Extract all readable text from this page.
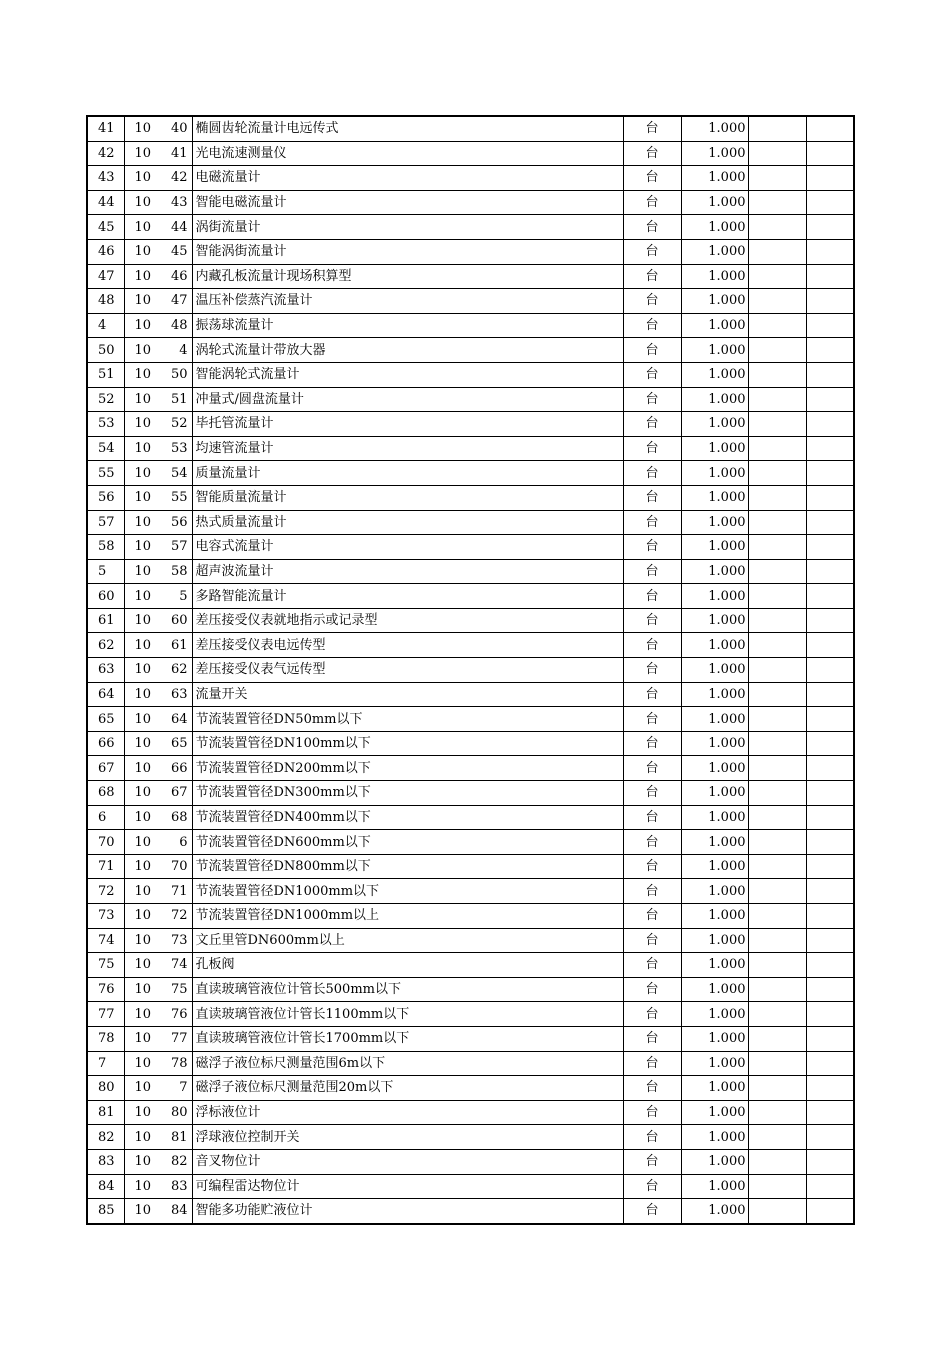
41	10	40	椭圆齿轮流量计电远传式	台	1.000		
42	10	41	光电流速测量仪	台	1.000		
43	10	42	电磁流量计	台	1.000		
44	10	43	智能电磁流量计	台	1.000		
45	10	44	涡街流量计	台	1.000		
46	10	45	智能涡街流量计	台	1.000		
47	10	46	内藏孔板流量计现场积算型	台	1.000		
48	10	47	温压补偿蒸汽流量计	台	1.000		
4	10	48	振荡球流量计	台	1.000		
50	10	4	涡轮式流量计带放大器	台	1.000		
51	10	50	智能涡轮式流量计	台	1.000		
52	10	51	冲量式/圆盘流量计	台	1.000		
53	10	52	毕托管流量计	台	1.000		
54	10	53	均速管流量计	台	1.000		
55	10	54	质量流量计	台	1.000		
56	10	55	智能质量流量计	台	1.000		
57	10	56	热式质量流量计	台	1.000		
58	10	57	电容式流量计	台	1.000		
5	10	58	超声波流量计	台	1.000		
60	10	5	多路智能流量计	台	1.000		
61	10	60	差压接受仪表就地指示或记录型	台	1.000		
62	10	61	差压接受仪表电远传型	台	1.000		
63	10	62	差压接受仪表气远传型	台	1.000		
64	10	63	流量开关	台	1.000		
65	10	64	节流装置管径DN50mm以下	台	1.000		
66	10	65	节流装置管径DN100mm以下	台	1.000		
67	10	66	节流装置管径DN200mm以下	台	1.000		
68	10	67	节流装置管径DN300mm以下	台	1.000		
6	10	68	节流装置管径DN400mm以下	台	1.000		
70	10	6	节流装置管径DN600mm以下	台	1.000		
71	10	70	节流装置管径DN800mm以下	台	1.000		
72	10	71	节流装置管径DN1000mm以下	台	1.000		
73	10	72	节流装置管径DN1000mm以上	台	1.000		
74	10	73	文丘里管DN600mm以上	台	1.000		
75	10	74	孔板阀	台	1.000		
76	10	75	直读玻璃管液位计管长500mm以下	台	1.000		
77	10	76	直读玻璃管液位计管长1100mm以下	台	1.000		
78	10	77	直读玻璃管液位计管长1700mm以下	台	1.000		
7	10	78	磁浮子液位标尺测量范围6m以下	台	1.000		
80	10	7	磁浮子液位标尺测量范围20m以下	台	1.000		
81	10	80	浮标液位计	台	1.000		
82	10	81	浮球液位控制开关	台	1.000		
83	10	82	音叉物位计	台	1.000		
84	10	83	可编程雷达物位计	台	1.000		
85	10	84	智能多功能贮液位计	台	1.000		
